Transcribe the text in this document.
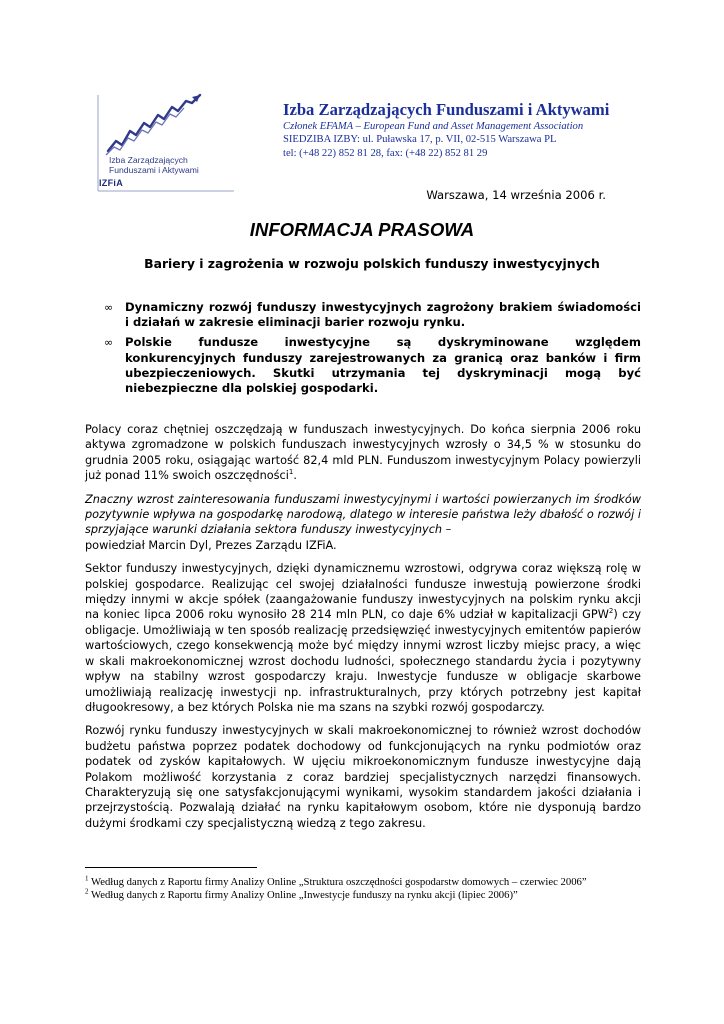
Izba Zarządzających
Funduszami i Aktywami
IZFiA
Izba Zarządzających Funduszami i Aktywami
Członek EFAMA – European Fund and Asset Management Association
SIEDZIBA IZBY: ul. Puławska 17, p. VII, 02-515 Warszawa PL
tel: (+48 22) 852 81 28, fax: (+48 22) 852 81 29
Warszawa, 14 września 2006 r.
INFORMACJA PRASOWA
Bariery i zagrożenia w rozwoju polskich funduszy inwestycyjnych
∞ Dynamiczny rozwój funduszy inwestycyjnych zagrożony brakiem świadomości i działań w zakresie eliminacji barier rozwoju rynku.
∞ Polskie fundusze inwestycyjne są dyskryminowane względem konkurencyjnych funduszy zarejestrowanych za granicą oraz banków i firm ubezpieczeniowych. Skutki utrzymania tej dyskryminacji mogą być niebezpieczne dla polskiej gospodarki.

Polacy coraz chętniej oszczędzają w funduszach inwestycyjnych. Do końca sierpnia 2006 roku aktywa zgromadzone w polskich funduszach inwestycyjnych wzrosły o 34,5 % w stosunku do grudnia 2005 roku, osiągając wartość 82,4 mld PLN. Funduszom inwestycyjnym Polacy powierzyli już ponad 11% swoich oszczędności$^1$.

Znaczny wzrost zainteresowania funduszami inwestycyjnymi i wartości powierzanych im środków pozytywnie wpływa na gospodarkę narodową, dlatego w interesie państwa leży dbałość o rozwój i sprzyjające warunki działania sektora funduszy inwestycyjnych –
powiedział Marcin Dyl, Prezes Zarządu IZFiA.

Sektor funduszy inwestycyjnych, dzięki dynamicznemu wzrostowi, odgrywa coraz większą rolę w polskiej gospodarce. Realizując cel swojej działalności fundusze inwestują powierzone środki między innymi w akcje spółek (zaangażowanie funduszy inwestycyjnych na polskim rynku akcji na koniec lipca 2006 roku wynosiło 28 214 mln PLN, co daje 6% udział w kapitalizacji GPW$^2$) czy obligacje. Umożliwiają w ten sposób realizację przedsięwzięć inwestycyjnych emitentów papierów wartościowych, czego konsekwencją może być między innymi wzrost liczby miejsc pracy, a więc w skali makroekonomicznej wzrost dochodu ludności, społecznego standardu życia i pozytywny wpływ na stabilny wzrost gospodarczy kraju. Inwestycje fundusze w obligacje skarbowe umożliwiają realizację inwestycji np. infrastrukturalnych, przy których potrzebny jest kapitał długookresowy, a bez których Polska nie ma szans na szybki rozwój gospodarczy.

Rozwój rynku funduszy inwestycyjnych w skali makroekonomicznej to również wzrost dochodów budżetu państwa poprzez podatek dochodowy od funkcjonujących na rynku podmiotów oraz podatek od zysków kapitałowych. W ujęciu mikroekonomicznym fundusze inwestycyjne dają Polakom możliwość korzystania z coraz bardziej specjalistycznych narzędzi finansowych. Charakteryzują się one satysfakcjonującymi wynikami, wysokim standardem jakości działania i przejrzystością. Pozwalają działać na rynku kapitałowym osobom, które nie dysponują bardzo dużymi środkami czy specjalistyczną wiedzą z tego zakresu.

$^1$ Według danych z Raportu firmy Analizy Online „Struktura oszczędności gospodarstw domowych – czerwiec 2006”
$^2$ Według danych z Raportu firmy Analizy Online „Inwestycje funduszy na rynku akcji (lipiec 2006)”
